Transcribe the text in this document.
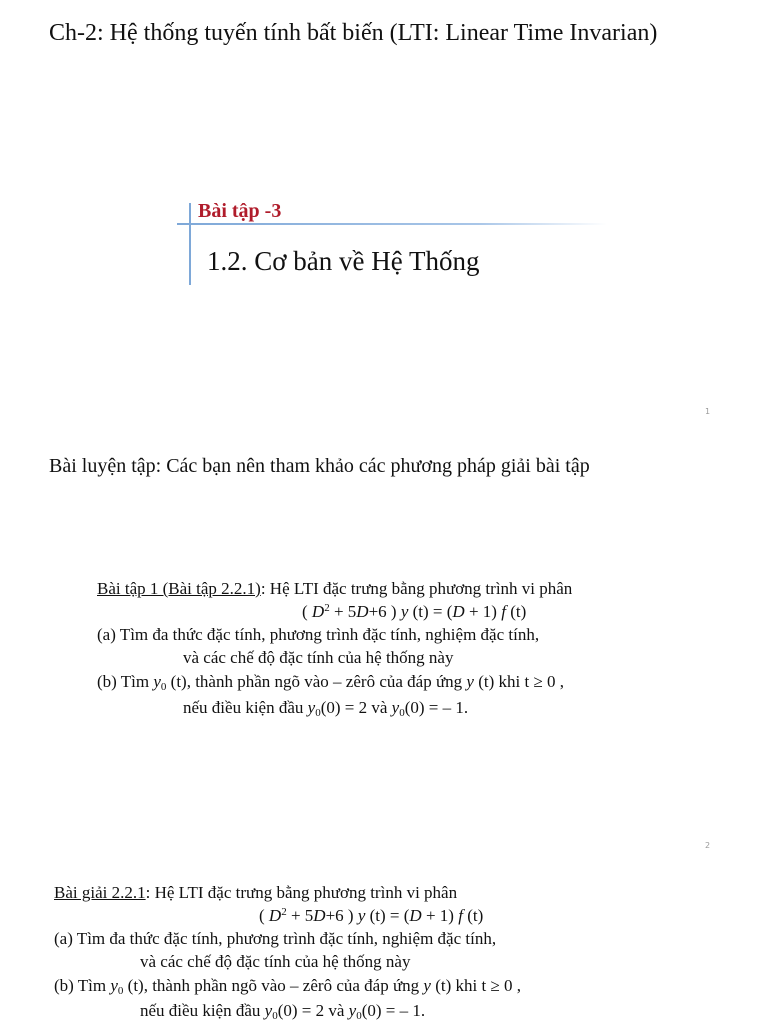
Ch-2: Hệ thống tuyến tính bất biến (LTI: Linear Time Invarian)
Bài tập -3
1.2. Cơ bản về Hệ Thống
1
Bài luyện tập: Các bạn nên tham khảo các phương pháp giải bài tập
Bài tập 1 (Bài tập 2.2.1): Hệ LTI đặc trưng bằng phương trình vi phân
( $D^2 + 5D+6$ ) y (t) = (D + 1) f (t)
(a) Tìm đa thức đặc tính, phương trình đặc tính, nghiệm đặc tính,
và các chế độ đặc tính của hệ thống này
(b) Tìm $y_0$ (t), thành phần ngõ vào – zêrô của đáp ứng y (t) khi t ≥ 0 ,
nếu điều kiện đầu $y_0(0) = 2$ và $y_0(0)$ = – 1.
2
Bài giải 2.2.1: Hệ LTI đặc trưng bằng phương trình vi phân
( $D^2 + 5D+6$ ) y (t) = (D + 1) f (t)
(a) Tìm đa thức đặc tính, phương trình đặc tính, nghiệm đặc tính,
và các chế độ đặc tính của hệ thống này
(b) Tìm $y_0$ (t), thành phần ngõ vào – zêrô của đáp ứng y (t) khi t ≥ 0 ,
nếu điều kiện đầu $y_0(0) = 2$ và $y_0(0)$ = – 1.
